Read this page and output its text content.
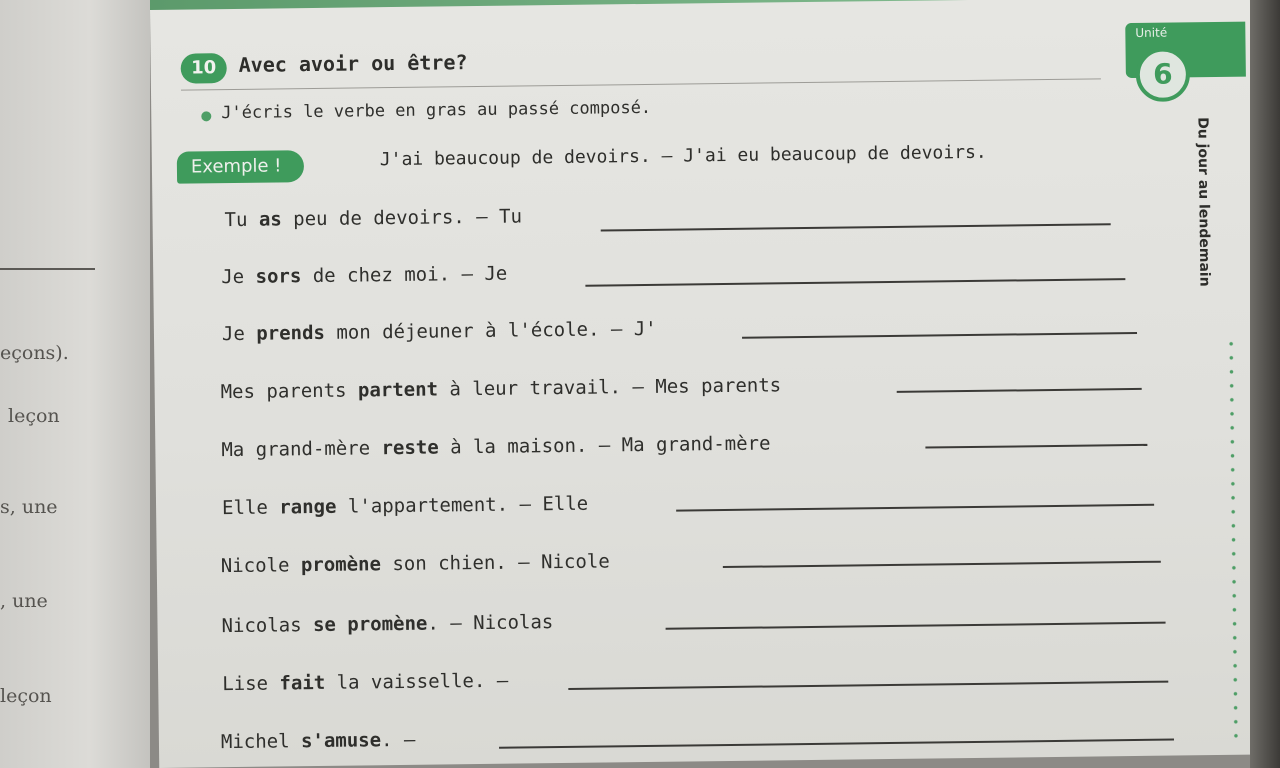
eçons).
leçon
s, une
, une
leçon
10	Avec avoir ou être?
J'écris le verbe en gras au passé composé.
Exemple !	J'ai beaucoup de devoirs. — J'ai eu beaucoup de devoirs.
Tu as peu de devoirs. — Tu
Je sors de chez moi. — Je
Je prends mon déjeuner à l'école. — J'
Mes parents partent à leur travail. — Mes parents
Ma grand-mère reste à la maison. — Ma grand-mère
Elle range l'appartement. — Elle
Nicole promène son chien. — Nicole
Nicolas se promène. — Nicolas
Lise fait la vaisselle. —
Michel s'amuse. —
Unité
6
Du jour au lendemain
